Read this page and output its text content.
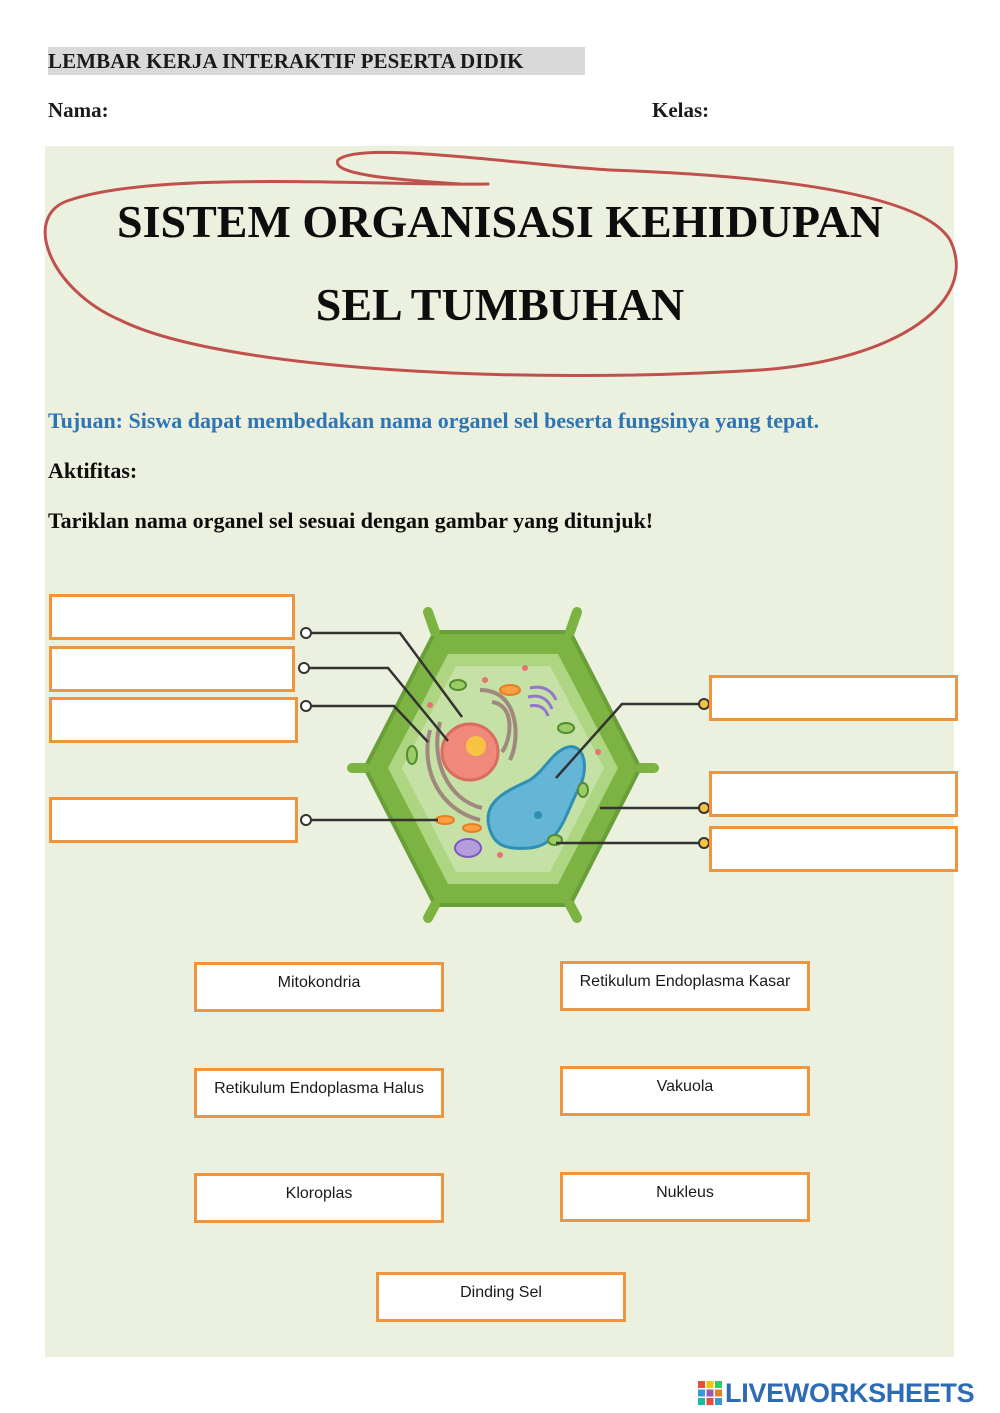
LEMBAR KERJA INTERAKTIF PESERTA DIDIK
Nama:	Kelas:
SISTEM ORGANISASI KEHIDUPAN
SEL TUMBUHAN
Tujuan: Siswa dapat membedakan nama organel sel beserta fungsinya yang tepat.
Aktifitas:
Tariklan nama organel sel sesuai dengan gambar yang ditunjuk!
Mitokondria	Retikulum Endoplasma Kasar
Retikulum Endoplasma Halus	Vakuola
Kloroplas	Nukleus
Dinding Sel
LIVEWORKSHEETS
